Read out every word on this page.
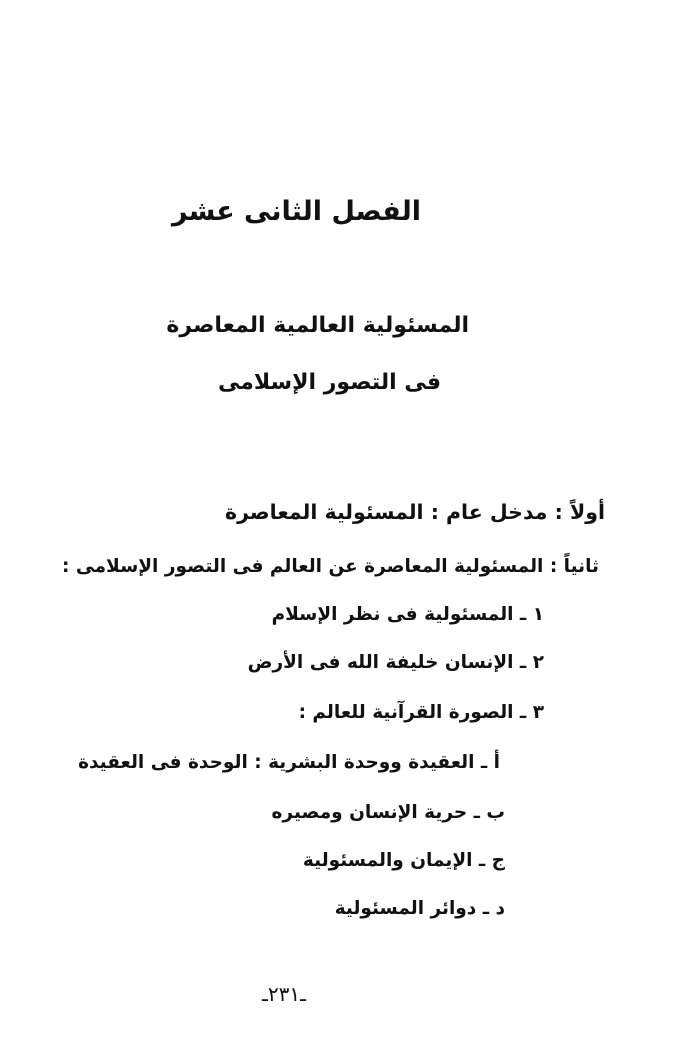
الفصل الثانى عشر
المسئولية العالمية المعاصرة
فى التصور الإسلامى
أولاً : مدخل عام : المسئولية المعاصرة
ثانياً : المسئولية المعاصرة عن العالم فى التصور الإسلامى :
١ ـ المسئولية فى نظر الإسلام
٢ ـ الإنسان خليفة الله فى الأرض
٣ ـ الصورة القرآنية للعالم :
أ ـ العقيدة ووحدة البشرية : الوحدة فى العقيدة
ب ـ حرية الإنسان ومصيره
ج ـ الإيمان والمسئولية
د ـ دوائر المسئولية
ـ٢٣١ـ
